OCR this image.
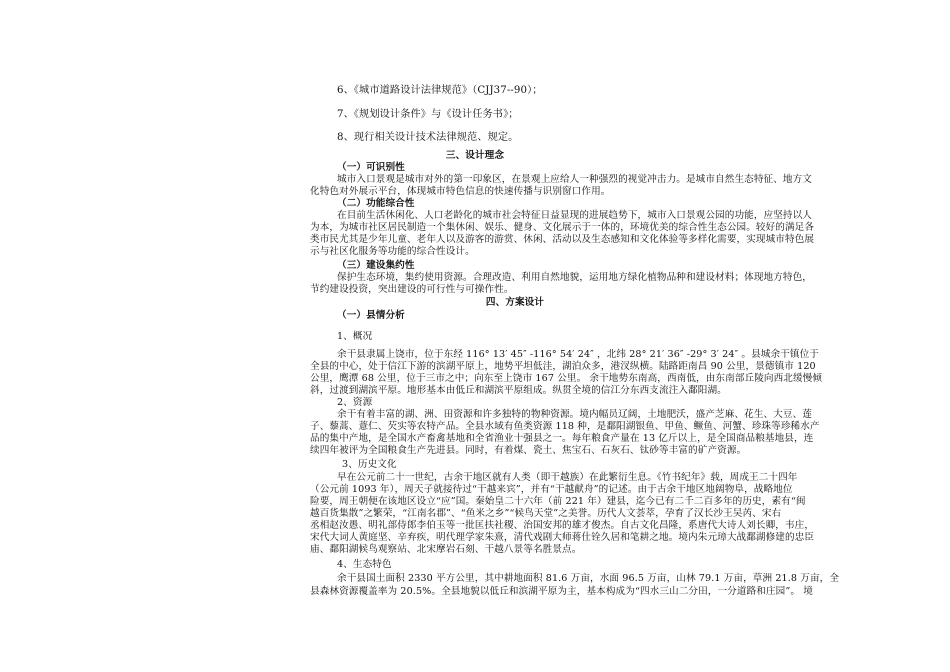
6、《城市道路设计法律规范》（CJJ37--90）；
7、《规划设计条件》与《设计任务书》；
8、现行相关设计技术法律规范、规定。
三、设计理念
（一）可识别性
城市入口景观是城市对外的第一印象区，在景观上应给人一种强烈的视觉冲击力。是城市自然生态特征、地方文
化特色对外展示平台，体现城市特色信息的快速传播与识别窗口作用。
（二）功能综合性
在目前生活休闲化、人口老龄化的城市社会特征日益显现的进展趋势下，城市入口景观公园的功能，应坚持以人
为本，为城市社区居民制造一个集休闲、娱乐、健身、文化展示于一体的，环境优美的综合性生态公园。较好的满足各
类市民尤其是少年儿童、老年人以及游客的游赏、休闲、活动以及生态感知和文化体验等多样化需要，实现城市特色展
示与社区化服务等功能的综合性设计。
（三）建设集约性
保护生态环境，集约使用资源。合理改造、利用自然地貌，运用地方绿化植物品种和建设材料；体现地方特色，
节约建设投资，突出建设的可行性与可操作性。
四、方案设计
（一）县情分析
1、概况
余干县隶属上饶市，位于东经 116° 13′ 45″ -116° 54′ 24″ ，北纬 28° 21′ 36″ -29° 3′ 24″ 。县城余干镇位于
全县的中心，处于信江下游的滨湖平原上，地势平坦低洼，湖泊众多，港汊纵横。陆路距南昌 90 公里，景德镇市 120
公里，鹰潭 68 公里，位于三市之中；向东至上饶市 167 公里。 余干地势东南高，西南低，由东南部丘陵向西北缓慢倾
斜，过渡到湖滨平原。地形基本由低丘和湖滨平原组成。纵贯全境的信江分东西支流注入鄱阳湖。
2、资源
余干有着丰富的湖、洲、田资源和许多独特的物种资源。境内幅员辽阔，土地肥沃，盛产芝麻、花生、大豆、莲
子、藜蒿、薏仁、芡实等农特产品。全县水域有鱼类资源 118 种，是鄱阳湖银鱼、甲鱼、鳜鱼、河蟹、珍珠等珍稀水产
品的集中产地，是全国水产畜禽基地和全省渔业十强县之一。每年粮食产量在 13 亿斤以上，是全国商品粮基地县，连
续四年被评为全国粮食生产先进县。同时，有着煤、瓷土、焦宝石、石灰石、钛砂等丰富的矿产资源。
3、历史文化
早在公元前二十一世纪，古余干地区就有人类（即干越族）在此繁衍生息。《竹书纪年》载，周成王二十四年
（公元前 1093 年），周天子就接待过“干越来宾”，并有“干越献舟”的记述。由于古余干地区地阔物阜，战略地位
险要，周王朝便在该地区设立“应”国。秦始皇二十六年（前 221 年）建县，迄今已有二千二百多年的历史，素有“闽
越百货集散”之繁荣，“江南名郡”、“鱼米之乡”“候鸟天堂”之美誉。历代人文荟萃，孕育了汉长沙王吴芮、宋右
丞相赵汝愚、明礼部侍郎李伯玉等一批匡扶社稷、治国安邦的雄才俊杰。自古文化昌隆，系唐代大诗人刘长卿，韦庄，
宋代大词人黄庭坚、辛弃疾，明代理学家朱熹，清代戏剧大师蒋仕铨久居和笔耕之地。境内朱元璋大战鄱湖修建的忠臣
庙、鄱阳湖候鸟观察站、北宋摩岩石刻、干越八景等名胜景点。
4、生态特色
余干县国土面积 2330 平方公里，其中耕地面积 81.6 万亩，水面 96.5 万亩，山林 79.1 万亩，草洲 21.8 万亩，全
县森林资源覆盖率为 20.5%。全县地貌以低丘和滨湖平原为主，基本构成为“四水三山二分田，一分道路和庄园”。 境
